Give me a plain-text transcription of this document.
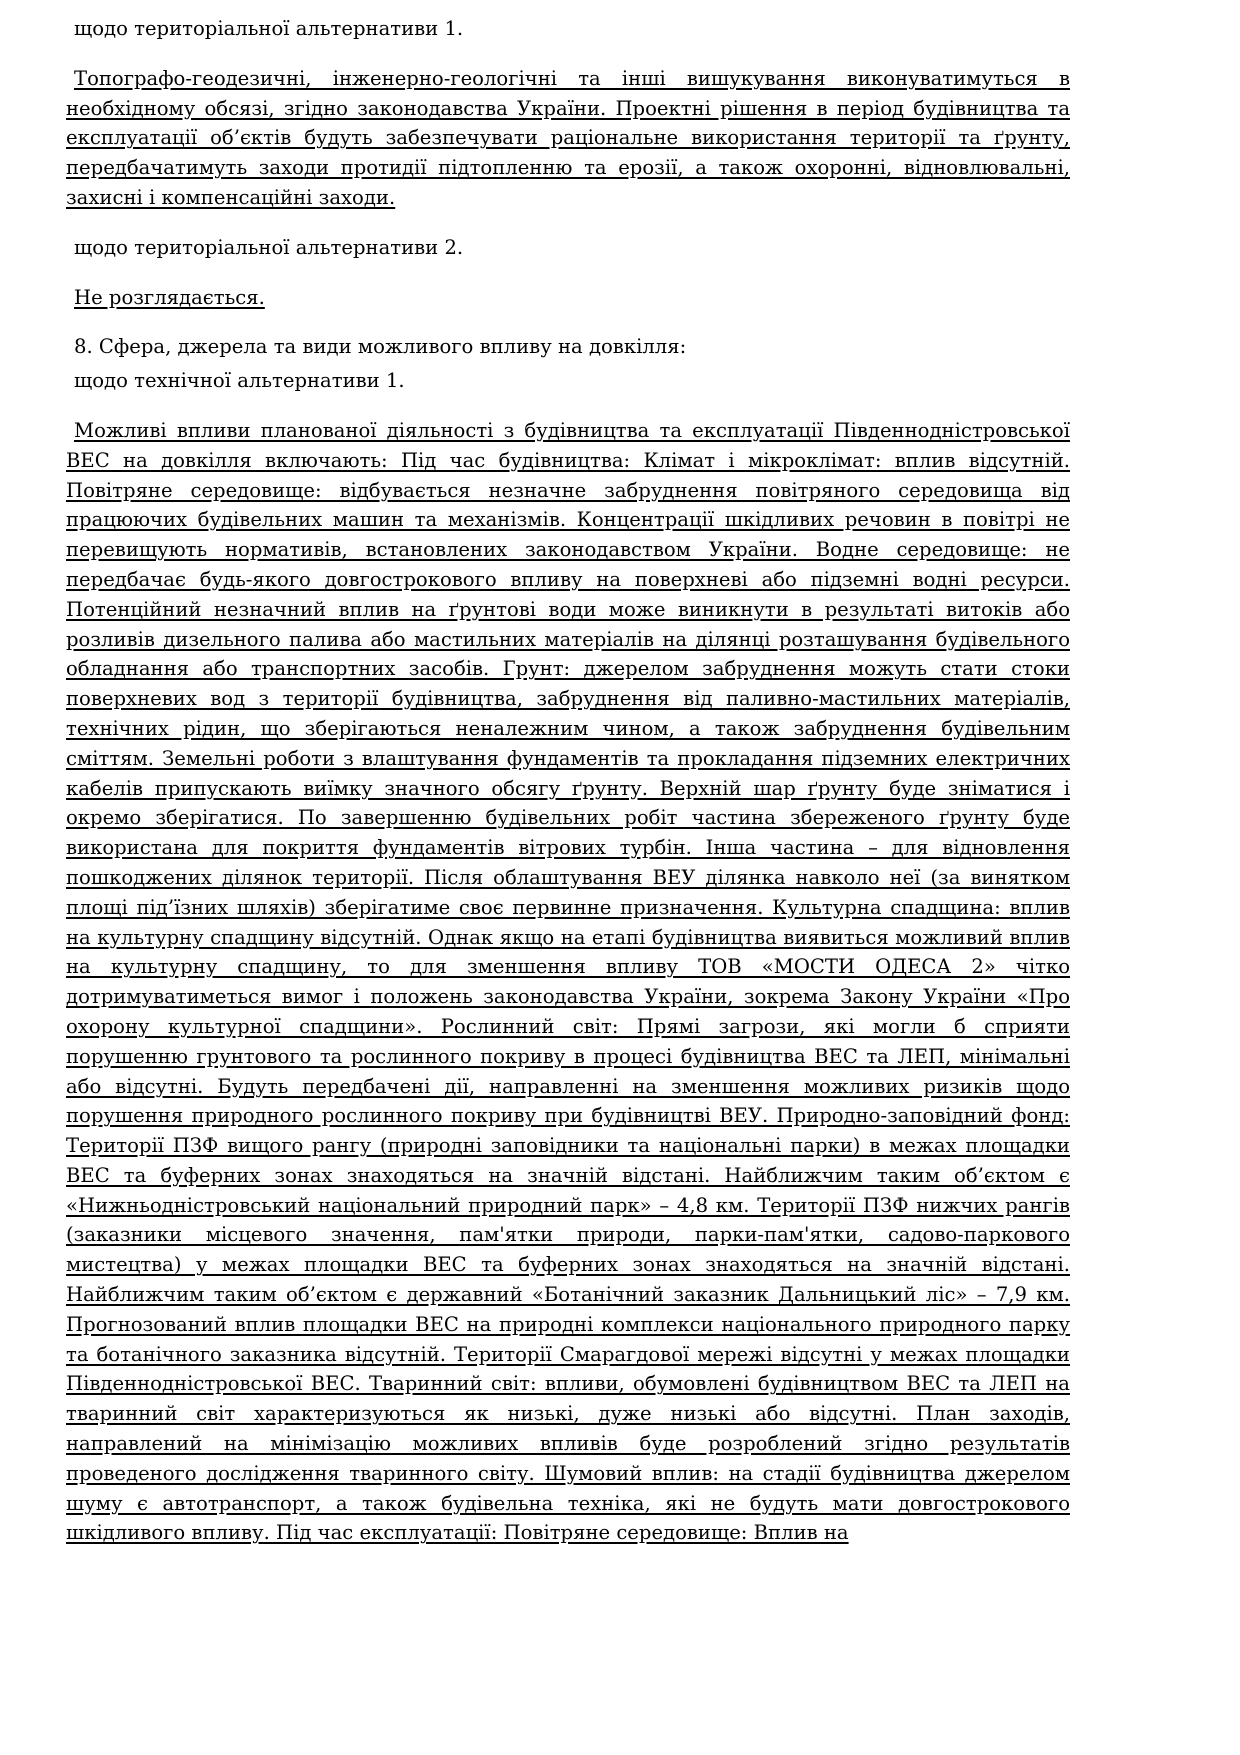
щодо територіальної альтернативи 1.

Топографо-геодезичні, інженерно-геологічні та інші вишукування виконуватимуться в необхідному обсязі, згідно законодавства України. Проектні рішення в період будівництва та експлуатації об’єктів будуть забезпечувати раціональне використання території та ґрунту, передбачатимуть заходи протидії підтопленню та ерозії, а також охоронні, відновлювальні, захисні і компенсаційні заходи.

щодо територіальної альтернативи 2.

Не розглядається.

8. Сфера, джерела та види можливого впливу на довкілля:

щодо технічної альтернативи 1.

Можливі впливи планованої діяльності з будівництва та експлуатації Південнодністровської ВЕС на довкілля включають: Під час будівництва: Клімат і мікроклімат: вплив відсутній. Повітряне середовище: відбувається незначне забруднення повітряного середовища від працюючих будівельних машин та механізмів. Концентрації шкідливих речовин в повітрі не перевищують нормативів, встановлених законодавством України. Водне середовище: не передбачає будь-якого довгострокового впливу на поверхневі або підземні водні ресурси. Потенційний незначний вплив на ґрунтові води може виникнути в результаті витоків або розливів дизельного палива або мастильних матеріалів на ділянці розташування будівельного обладнання або транспортних засобів. Грунт: джерелом забруднення можуть стати стоки поверхневих вод з території будівництва, забруднення від паливно-мастильних матеріалів, технічних рідин, що зберігаються неналежним чином, а також забруднення будівельним сміттям. Земельні роботи з влаштування фундаментів та прокладання підземних електричних кабелів припускають виїмку значного обсягу ґрунту. Верхній шар ґрунту буде зніматися і окремо зберігатися. По завершенню будівельних робіт частина збереженого ґрунту буде використана для покриття фундаментів вітрових турбін. Інша частина – для відновлення пошкоджених ділянок території. Після облаштування ВЕУ ділянка навколо неї (за винятком площі під’їзних шляхів) зберігатиме своє первинне призначення. Культурна спадщина: вплив на культурну спадщину відсутній. Однак якщо на етапі будівництва виявиться можливий вплив на культурну спадщину, то для зменшення впливу ТОВ «МОСТИ ОДЕСА 2» чітко дотримуватиметься вимог і положень законодавства України, зокрема Закону України «Про охорону культурної спадщини». Рослинний світ: Прямі загрози, які могли б сприяти порушенню грунтового та рослинного покриву в процесі будівництва ВЕС та ЛЕП, мінімальні або відсутні. Будуть передбачені дії, направленні на зменшення можливих ризиків щодо порушення природного рослинного покриву при будівництві ВЕУ. Природно-заповідний фонд: Території ПЗФ вищого рангу (природні заповідники та національні парки) в межах площадки ВЕС та буферних зонах знаходяться на значній відстані. Найближчим таким об’єктом є «Нижньодністровський національний природний парк» – 4,8 км. Території ПЗФ нижчих рангів (заказники місцевого значення, пам'ятки природи, парки-пам'ятки, садово-паркового мистецтва) у межах площадки ВЕС та буферних зонах знаходяться на значній відстані. Найближчим таким об’єктом є державний «Ботанічний заказник Дальницький ліс» – 7,9 км. Прогнозований вплив площадки ВЕС на природні комплекси національного природного парку та ботанічного заказника відсутній. Території Смарагдової мережі відсутні у межах площадки Південнодністровської ВЕС. Тваринний світ: впливи, обумовлені будівництвом ВЕС та ЛЕП на тваринний світ характеризуються як низькі, дуже низькі або відсутні. План заходів, направлений на мінімізацію можливих впливів буде розроблений згідно результатів проведеного дослідження тваринного світу. Шумовий вплив: на стадії будівництва джерелом шуму є автотранспорт, а також будівельна техніка, які не будуть мати довгострокового шкідливого впливу. Під час експлуатації: Повітряне середовище: Вплив на
